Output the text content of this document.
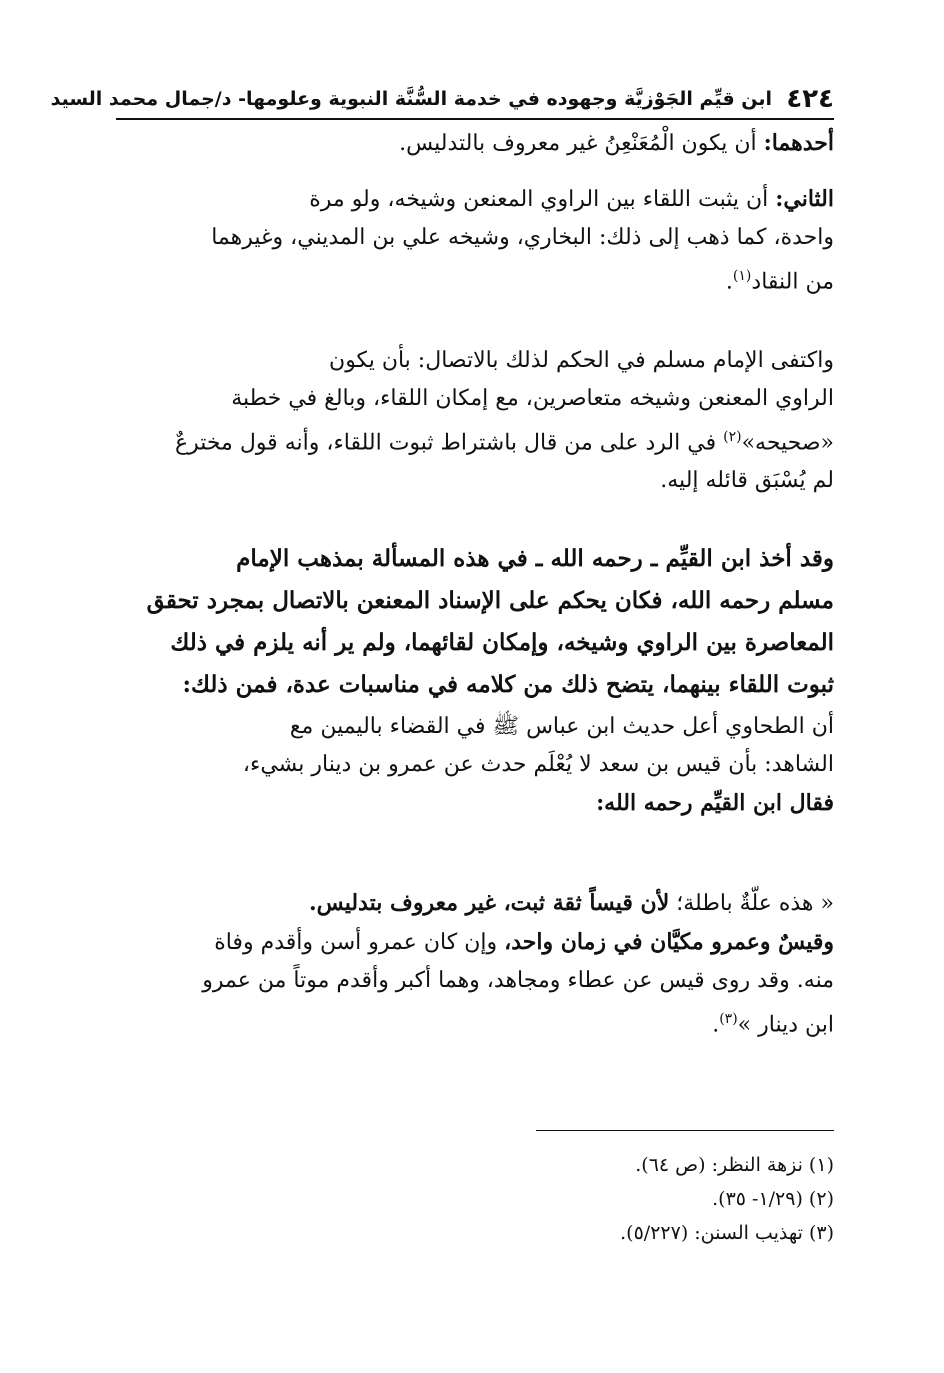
٤٢٤
ابن قيِّم الجَوْزيَّة وجهوده في خدمة السُّنَّة النبوية وعلومها- د/جمال محمد السيد
أحدهما: أن يكون الْمُعَنْعِنُ غير معروف بالتدليس.
الثاني: أن يثبت اللقاء بين الراوي المعنعن وشيخه، ولو مرة
واحدة، كما ذهب إلى ذلك: البخاري، وشيخه علي بن المديني، وغيرهما
من النقاد$^{(١)}$.
واكتفى الإمام مسلم في الحكم لذلك بالاتصال: بأن يكون
الراوي المعنعن وشيخه متعاصرين، مع إمكان اللقاء، وبالغ في خطبة
«صحيحه»$^{(٢)}$ في الرد على من قال باشتراط ثبوت اللقاء، وأنه قول مخترعٌ
لم يُسْبَق قائله إليه.
وقد أخذ ابن القيِّم ـ رحمه الله ـ في هذه المسألة بمذهب الإمام
مسلم رحمه الله، فكان يحكم على الإسناد المعنعن بالاتصال بمجرد تحقق
المعاصرة بين الراوي وشيخه، وإمكان لقائهما، ولم ير أنه يلزم في ذلك
ثبوت اللقاء بينهما، يتضح ذلك من كلامه في مناسبات عدة، فمن ذلك:
أن الطحاوي أعل حديث ابن عباس ﷺ في القضاء باليمين مع
الشاهد: بأن قيس بن سعد لا يُعْلَم حدث عن عمرو بن دينار بشيء،
فقال ابن القيِّم رحمه الله:
« هذه علّةٌ باطلة؛ لأن قيساً ثقة ثبت، غير معروف بتدليس.
وقيسٌ وعمرو مكيَّان في زمان واحد، وإن كان عمرو أسن وأقدم وفاة
منه. وقد روى قيس عن عطاء ومجاهد، وهما أكبر وأقدم موتاً من عمرو
ابن دينار »$^{(٣)}$.
(١) نزهة النظر: (ص ٦٤).
(٢) (١/٢٩- ٣٥).
(٣) تهذيب السنن: (٥/٢٢٧).
